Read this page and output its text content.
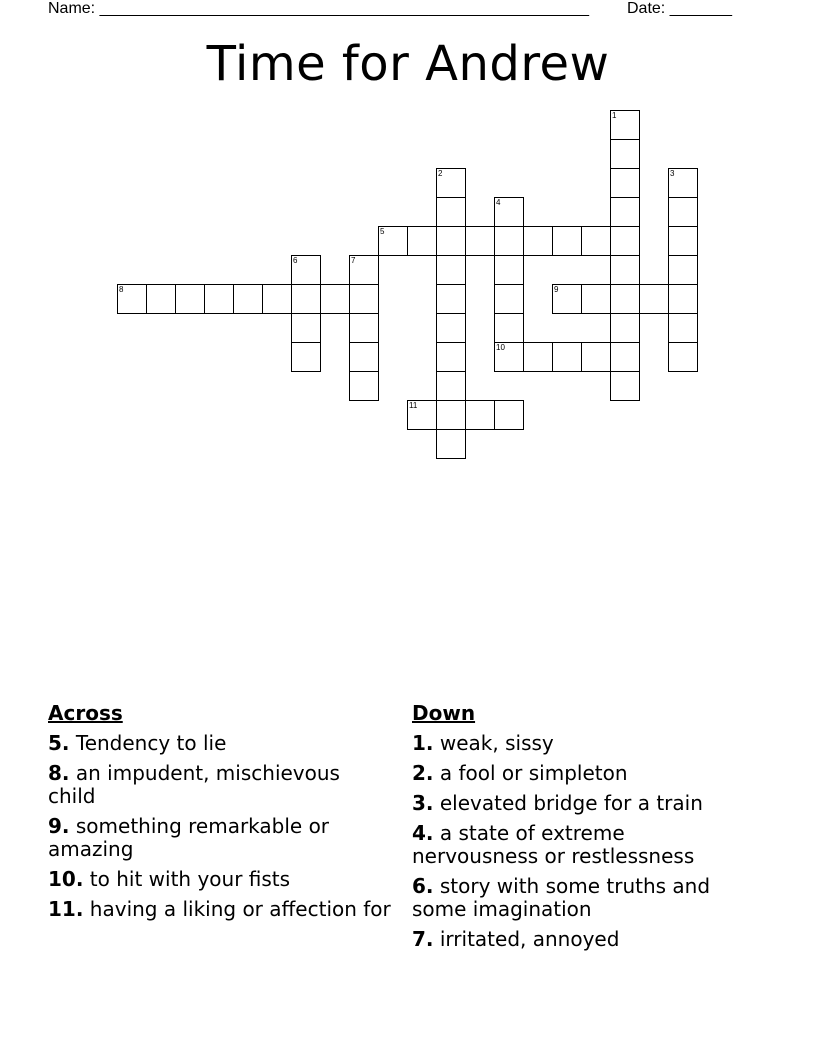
Name: _______________________________________________________ Date: _______
Time for Andrew
1
2	3
4
10
5
6	7
8	9
11
Across
5. Tendency to lie
8. an impudent, mischievous child
9. something remarkable or amazing
10. to hit with your fists
11. having a liking or affection for
Down
1. weak, sissy
2. a fool or simpleton
3. elevated bridge for a train
4. a state of extreme nervousness or restlessness
6. story with some truths and some imagination
7. irritated, annoyed
